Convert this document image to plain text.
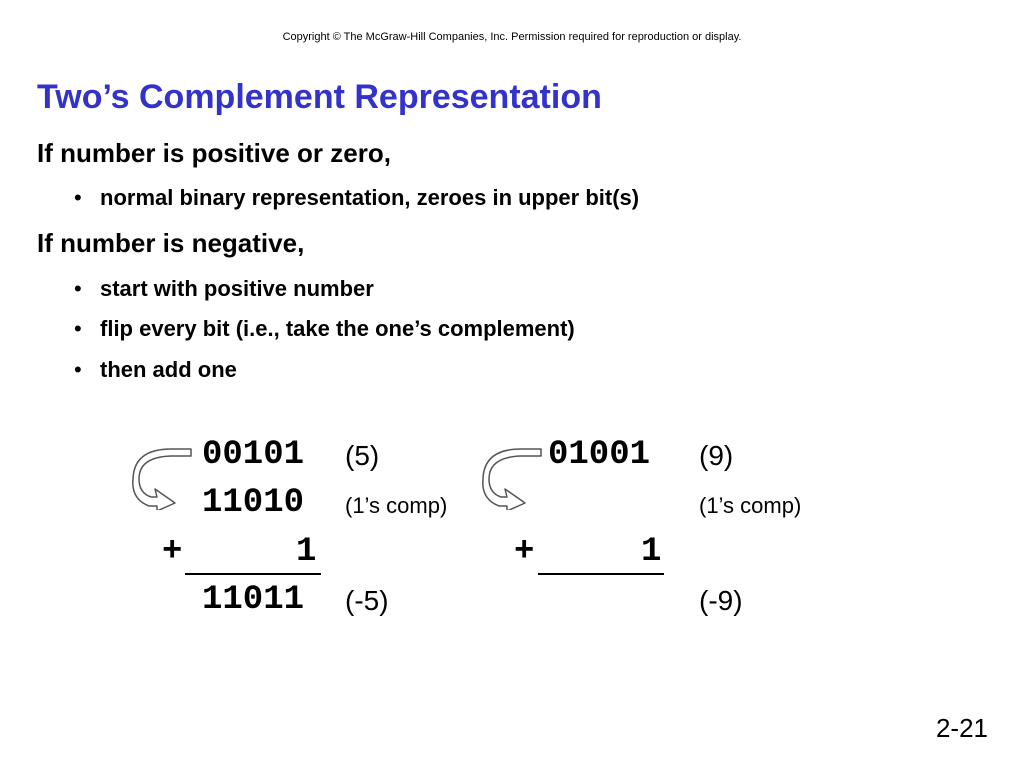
Copyright © The McGraw-Hill Companies, Inc. Permission required for reproduction or display.
Two’s Complement Representation
If number is positive or zero,
• normal binary representation, zeroes in upper bit(s)
If number is negative,
• start with positive number
• flip every bit (i.e., take the one’s complement)
• then add one
00101 (5)
11010 (1’s comp)
+	1
11011 (-5)
01001 (9)
(1’s comp)
+	1
(-9)
2-21
